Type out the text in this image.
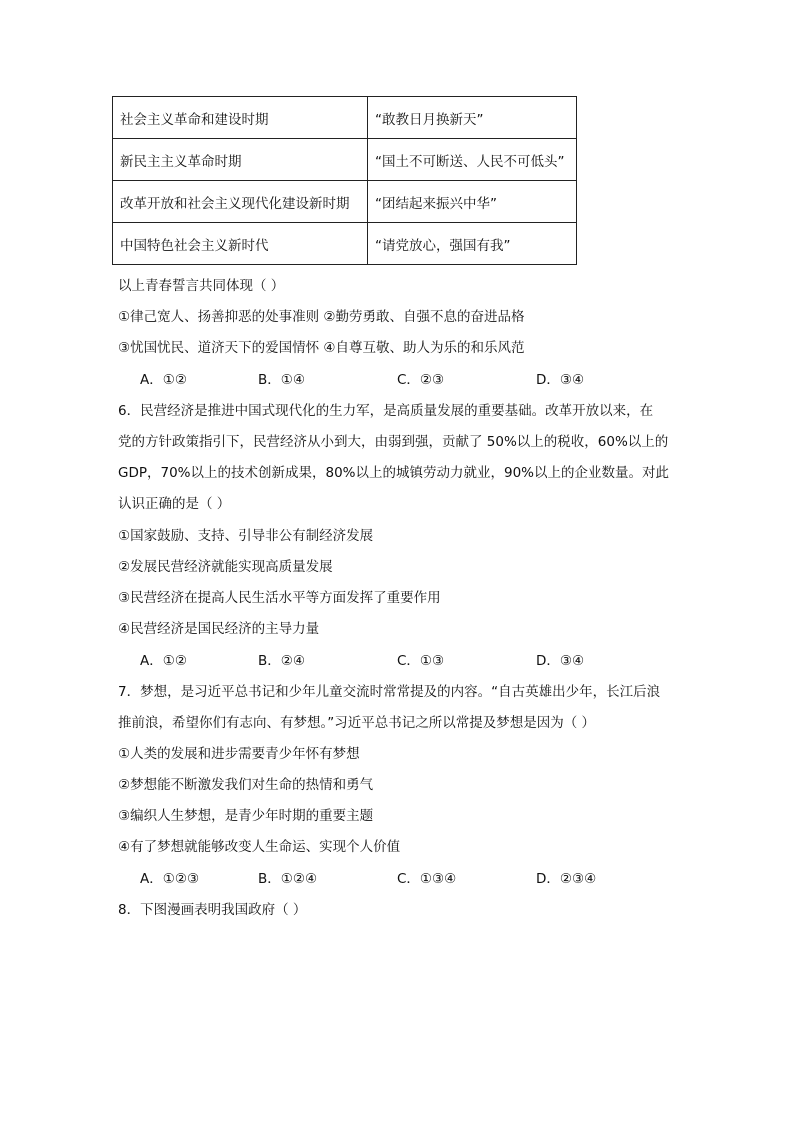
社会主义革命和建设时期	“敢教日月换新天”
新民主主义革命时期	“国土不可断送、人民不可低头”
改革开放和社会主义现代化建设新时期	“团结起来振兴中华”
中国特色社会主义新时代	“请党放心，强国有我”
以上青春誓言共同体现（ ）
①律己宽人、扬善抑恶的处事准则 ②勤劳勇敢、自强不息的奋进品格
③忧国忧民、道济天下的爱国情怀 ④自尊互敬、助人为乐的和乐风范
A．①②	B．①④	C．②③	D．③④
6．民营经济是推进中国式现代化的生力军，是高质量发展的重要基础。改革开放以来，在
党的方针政策指引下，民营经济从小到大，由弱到强，贡献了 50%以上的税收，60%以上的
GDP，70%以上的技术创新成果，80%以上的城镇劳动力就业，90%以上的企业数量。对此
认识正确的是（ ）
①国家鼓励、支持、引导非公有制经济发展
②发展民营经济就能实现高质量发展
③民营经济在提高人民生活水平等方面发挥了重要作用
④民营经济是国民经济的主导力量
A．①②	B．②④	C．①③	D．③④
7．梦想，是习近平总书记和少年儿童交流时常常提及的内容。“自古英雄出少年，长江后浪
推前浪，希望你们有志向、有梦想。”习近平总书记之所以常提及梦想是因为（ ）
①人类的发展和进步需要青少年怀有梦想
②梦想能不断激发我们对生命的热情和勇气
③编织人生梦想，是青少年时期的重要主题
④有了梦想就能够改变人生命运、实现个人价值
A．①②③	B．①②④	C．①③④	D．②③④
8．下图漫画表明我国政府（ ）
